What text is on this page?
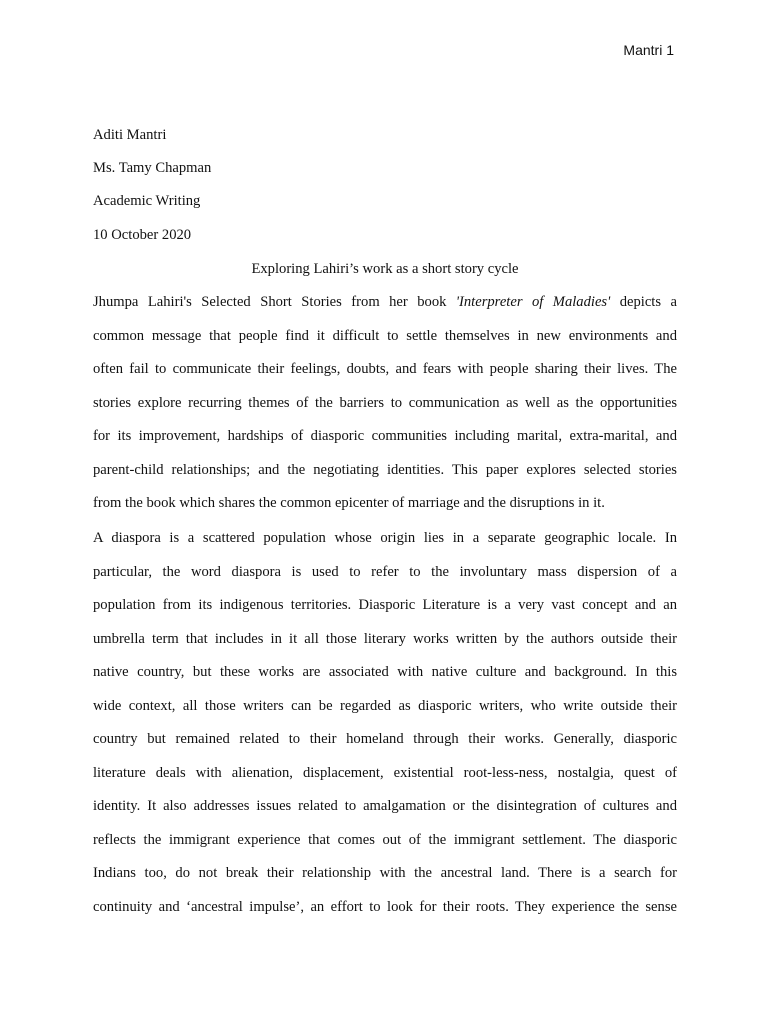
Mantri 1
Aditi Mantri
Ms. Tamy Chapman
Academic Writing
10 October 2020
Exploring Lahiri’s work as a short story cycle
Jhumpa Lahiri's Selected Short Stories from her book 'Interpreter of Maladies' depicts a
common message that people find it difficult to settle themselves in new environments and
often fail to communicate their feelings, doubts, and fears with people sharing their lives. The
stories explore recurring themes of the barriers to communication as well as the opportunities
for its improvement, hardships of diasporic communities including marital, extra-marital, and
parent-child relationships; and the negotiating identities. This paper explores selected stories
from the book which shares the common epicenter of marriage and the disruptions in it.
A diaspora is a scattered population whose origin lies in a separate geographic locale. In
particular, the word diaspora is used to refer to the involuntary mass dispersion of a
population from its indigenous territories. Diasporic Literature is a very vast concept and an
umbrella term that includes in it all those literary works written by the authors outside their
native country, but these works are associated with native culture and background. In this
wide context, all those writers can be regarded as diasporic writers, who write outside their
country but remained related to their homeland through their works. Generally, diasporic
literature deals with alienation, displacement, existential root-less-ness, nostalgia, quest of
identity. It also addresses issues related to amalgamation or the disintegration of cultures and
reflects the immigrant experience that comes out of the immigrant settlement. The diasporic
Indians too, do not break their relationship with the ancestral land. There is a search for
continuity and ‘ancestral impulse’, an effort to look for their roots. They experience the sense
